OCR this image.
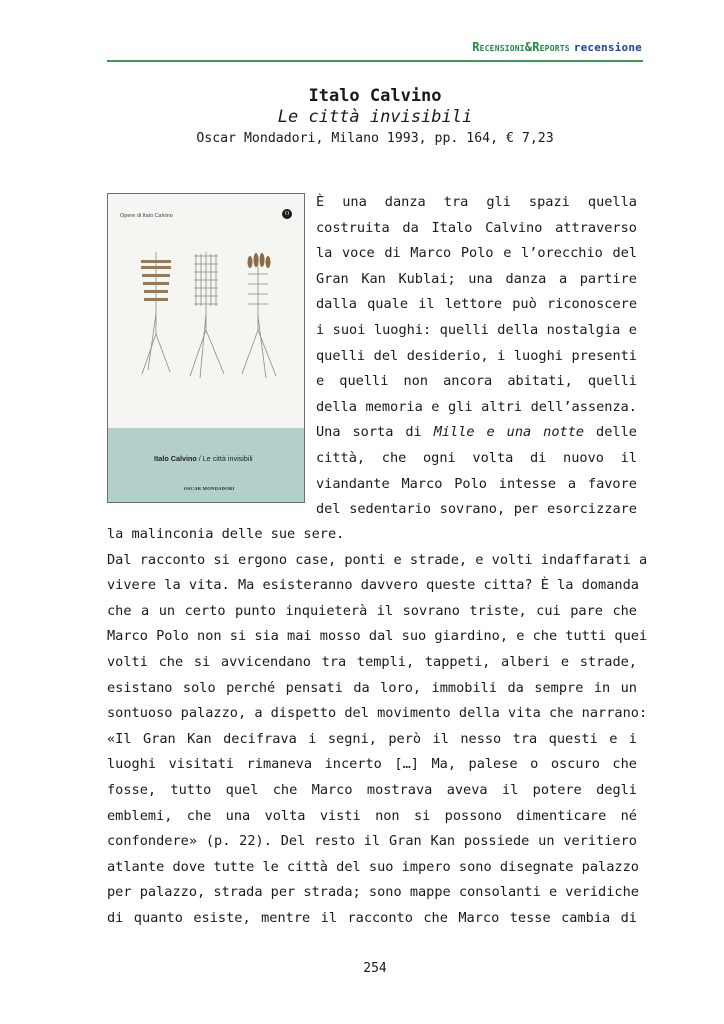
Recensioni&Reports recensione
Italo Calvino
Le città invisibili
Oscar Mondadori, Milano 1993, pp. 164, € 7,23
Opere di Italo Calvino	O
Italo Calvino / Le città invisibili
OSCAR MONDADORI
È una danza tra gli spazi quella
costruita da Italo Calvino attraverso
la voce di Marco Polo e l’orecchio del
Gran Kan Kublai; una danza a partire
dalla quale il lettore può riconoscere
i suoi luoghi: quelli della nostalgia e
quelli del desiderio, i luoghi presenti
e quelli non ancora abitati, quelli
della memoria e gli altri dell’assenza.
Una sorta di Mille e una notte delle
città, che ogni volta di nuovo il
viandante Marco Polo intesse a favore
del sedentario sovrano, per esorcizzare
la malinconia delle sue sere.
Dal racconto si ergono case, ponti e strade, e volti indaffarati a
vivere la vita. Ma esisteranno davvero queste citta? È la domanda
che a un certo punto inquieterà il sovrano triste, cui pare che
Marco Polo non si sia mai mosso dal suo giardino, e che tutti quei
volti che si avvicendano tra templi, tappeti, alberi e strade,
esistano solo perché pensati da loro, immobili da sempre in un
sontuoso palazzo, a dispetto del movimento della vita che narrano:
«Il Gran Kan decifrava i segni, però il nesso tra questi e i
luoghi visitati rimaneva incerto […] Ma, palese o oscuro che
fosse, tutto quel che Marco mostrava aveva il potere degli
emblemi, che una volta visti non si possono dimenticare né
confondere» (p. 22). Del resto il Gran Kan possiede un veritiero
atlante dove tutte le città del suo impero sono disegnate palazzo
per palazzo, strada per strada; sono mappe consolanti e veridiche
di quanto esiste, mentre il racconto che Marco tesse cambia di
254
